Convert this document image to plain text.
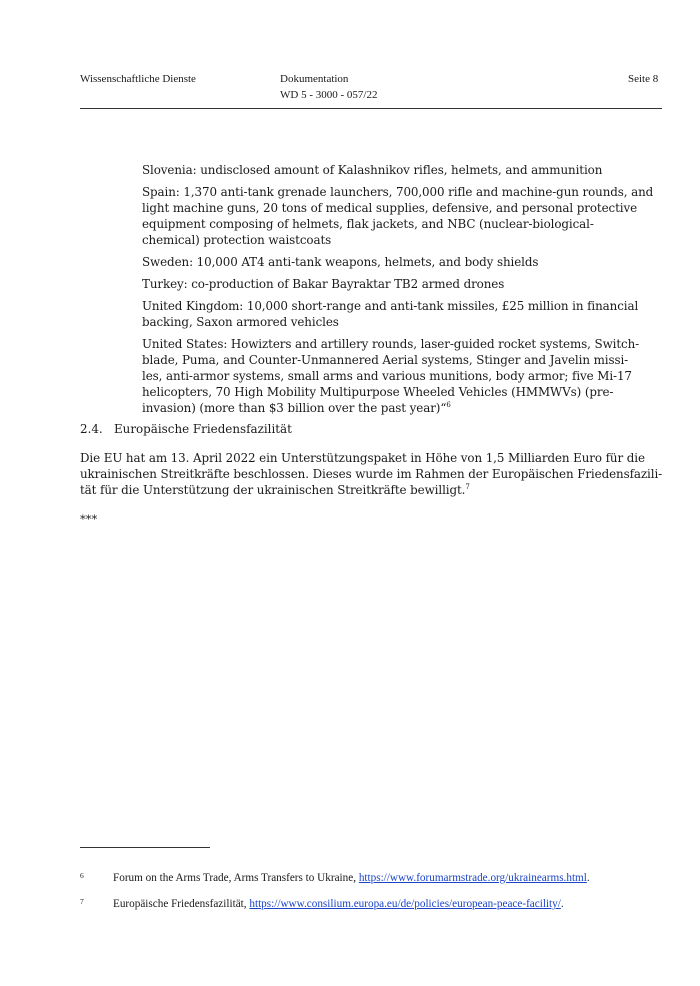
Wissenschaftliche Dienste	Dokumentation
WD 5 - 3000 - 057/22
Seite 8

Slovenia: undisclosed amount of Kalashnikov rifles, helmets, and ammunition

Spain: 1,370 anti-tank grenade launchers, 700,000 rifle and machine-gun rounds, and
light machine guns, 20 tons of medical supplies, defensive, and personal protective
equipment composing of helmets, flak jackets, and NBC (nuclear-biological-
chemical) protection waistcoats

Sweden: 10,000 AT4 anti-tank weapons, helmets, and body shields

Turkey: co-production of Bakar Bayraktar TB2 armed drones

United Kingdom: 10,000 short-range and anti-tank missiles, £25 million in financial
backing, Saxon armored vehicles

United States: Howizters and artillery rounds, laser-guided rocket systems, Switch-
blade, Puma, and Counter-Unmannered Aerial systems, Stinger and Javelin missi-
les, anti-armor systems, small arms and various munitions, body armor; five Mi-17
helicopters, 70 High Mobility Multipurpose Wheeled Vehicles (HMMWVs) (pre-
invasion) (more than $3 billion over the past year)“$^6$

2.4. Europäische Friedensfazilität
Die EU hat am 13. April 2022 ein Unterstützungspaket in Höhe von 1,5 Milliarden Euro für die
ukrainischen Streitkräfte beschlossen. Dieses wurde im Rahmen der Europäischen Friedensfazili-
tät für die Unterstützung der ukrainischen Streitkräfte bewilligt.$^7$
***
6	Forum on the Arms Trade, Arms Transfers to Ukraine, https://www.forumarmstrade.org/ukrainearms.html.
7	Europäische Friedensfazilität, https://www.consilium.europa.eu/de/policies/european-peace-facility/.
